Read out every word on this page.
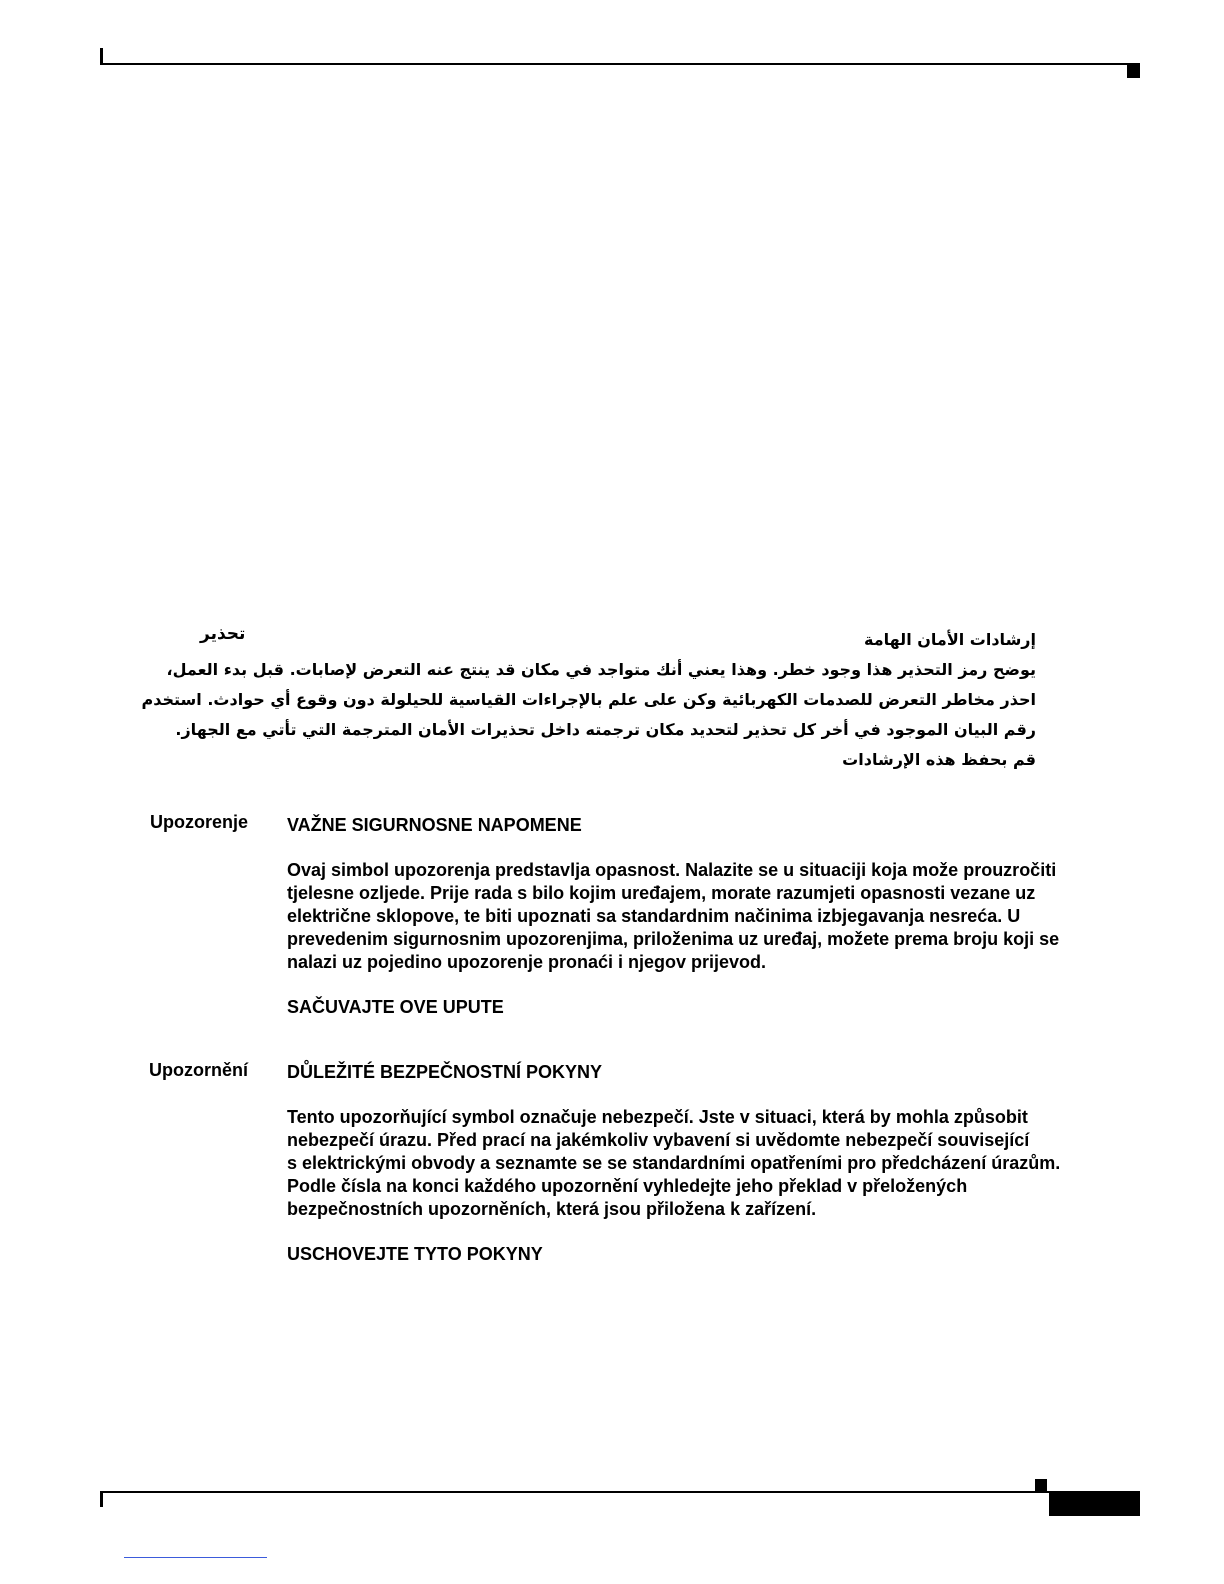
تحذير	إرشادات الأمان الهامة

يوضح رمز التحذير هذا وجود خطر. وهذا يعني أنك متواجد في مكان قد ينتج عنه التعرض لإصابات. قبل بدء العمل،

احذر مخاطر التعرض للصدمات الكهربائية وكن على علم بالإجراءات القياسية للحيلولة دون وقوع أي حوادث. استخدم

رقم البيان الموجود في أخر كل تحذير لتحديد مكان ترجمته داخل تحذيرات الأمان المترجمة التي تأتي مع الجهاز.

قم بحفظ هذه الإرشادات

Upozorenje VAŽNE SIGURNOSNE NAPOMENE

Ovaj simbol upozorenja predstavlja opasnost. Nalazite se u situaciji koja može prouzročiti

tjelesne ozljede. Prije rada s bilo kojim uređajem, morate razumjeti opasnosti vezane uz

električne sklopove, te biti upoznati sa standardnim načinima izbjegavanja nesreća. U

prevedenim sigurnosnim upozorenjima, priloženima uz uređaj, možete prema broju koji se

nalazi uz pojedino upozorenje pronaći i njegov prijevod.

SAČUVAJTE OVE UPUTE
Upozornění DŮLEŽITÉ BEZPEČNOSTNÍ POKYNY

Tento upozorňující symbol označuje nebezpečí. Jste v situaci, která by mohla způsobit

nebezpečí úrazu. Před prací na jakémkoliv vybavení si uvědomte nebezpečí související

s elektrickými obvody a seznamte se se standardními opatřeními pro předcházení úrazům.

Podle čísla na konci každého upozornění vyhledejte jeho překlad v přeložených

bezpečnostních upozorněních, která jsou přiložena k zařízení.

USCHOVEJTE TYTO POKYNY
